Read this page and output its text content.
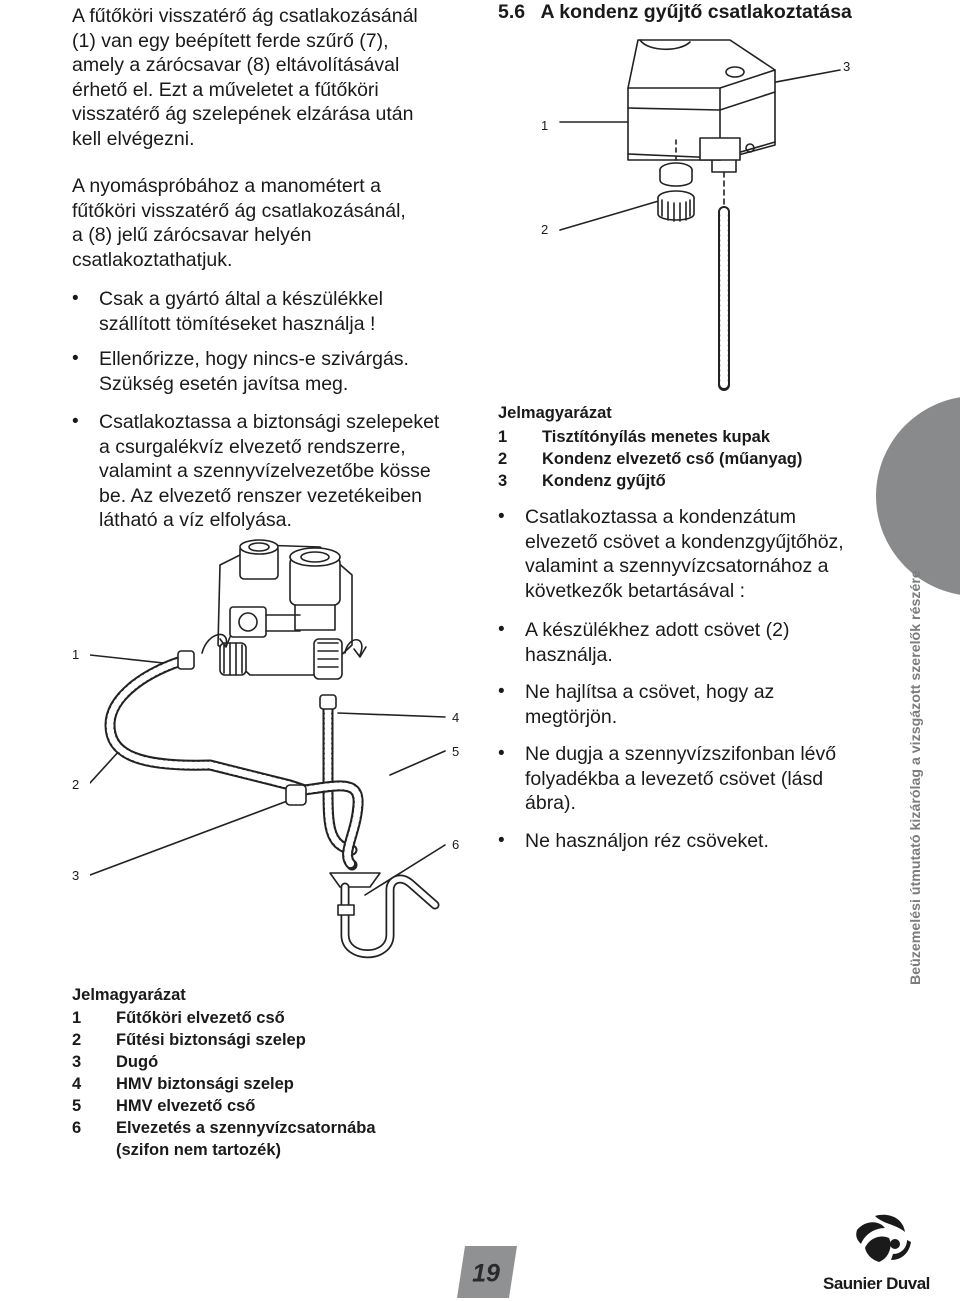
A fűtőköri visszatérő ág csatlakozásánál
(1) van egy beépített ferde szűrő (7),
amely a zárócsavar (8) eltávolításával
érhető el. Ezt a műveletet a fűtőköri
visszatérő ág szelepének elzárása után
kell elvégezni.
A nyomáspróbához a manométert a
fűtőköri visszatérő ág csatlakozásánál,
a (8) jelű zárócsavar helyén
csatlakoztathatjuk.
• Csak a gyártó által a készülékkel
szállított tömítéseket használja !
• Ellenőrizze, hogy nincs-e szivárgás.
Szükség esetén javítsa meg.
• Csatlakoztassa a biztonsági szelepeket
a csurgalékvíz elvezető rendszerre,
valamint a szennyvízelvezetőbe kösse
be. Az elvezető renszer vezetékeiben
látható a víz elfolyása.
1
2
3
4
5
6
Jelmagyarázat
1	Fűtőköri elvezető cső
2	Fűtési biztonsági szelep
3	Dugó
4	HMV biztonsági szelep
5	HMV elvezető cső
6	Elvezetés a szennyvízcsatornába
(szifon nem tartozék)
5.6 A kondenz gyűjtő csatlakoztatása
1
2
3
Jelmagyarázat
1	Tisztítónyílás menetes kupak
2	Kondenz elvezető cső (műanyag)
3	Kondenz gyűjtő
• Csatlakoztassa a kondenzátum
elvezető csövet a kondenzgyűjtőhöz,
valamint a szennyvízcsatornához a
következők betartásával :
• A készülékhez adott csövet (2)
használja.
• Ne hajlítsa a csövet, hogy az
megtörjön.
• Ne dugja a szennyvízszifonban lévő
folyadékba a levezető csövet (lásd
ábra).
• Ne használjon réz csöveket.	Beüzemelési útmutató kizárólag a vizsgázott szerelők részére
19	Saunier Duval
